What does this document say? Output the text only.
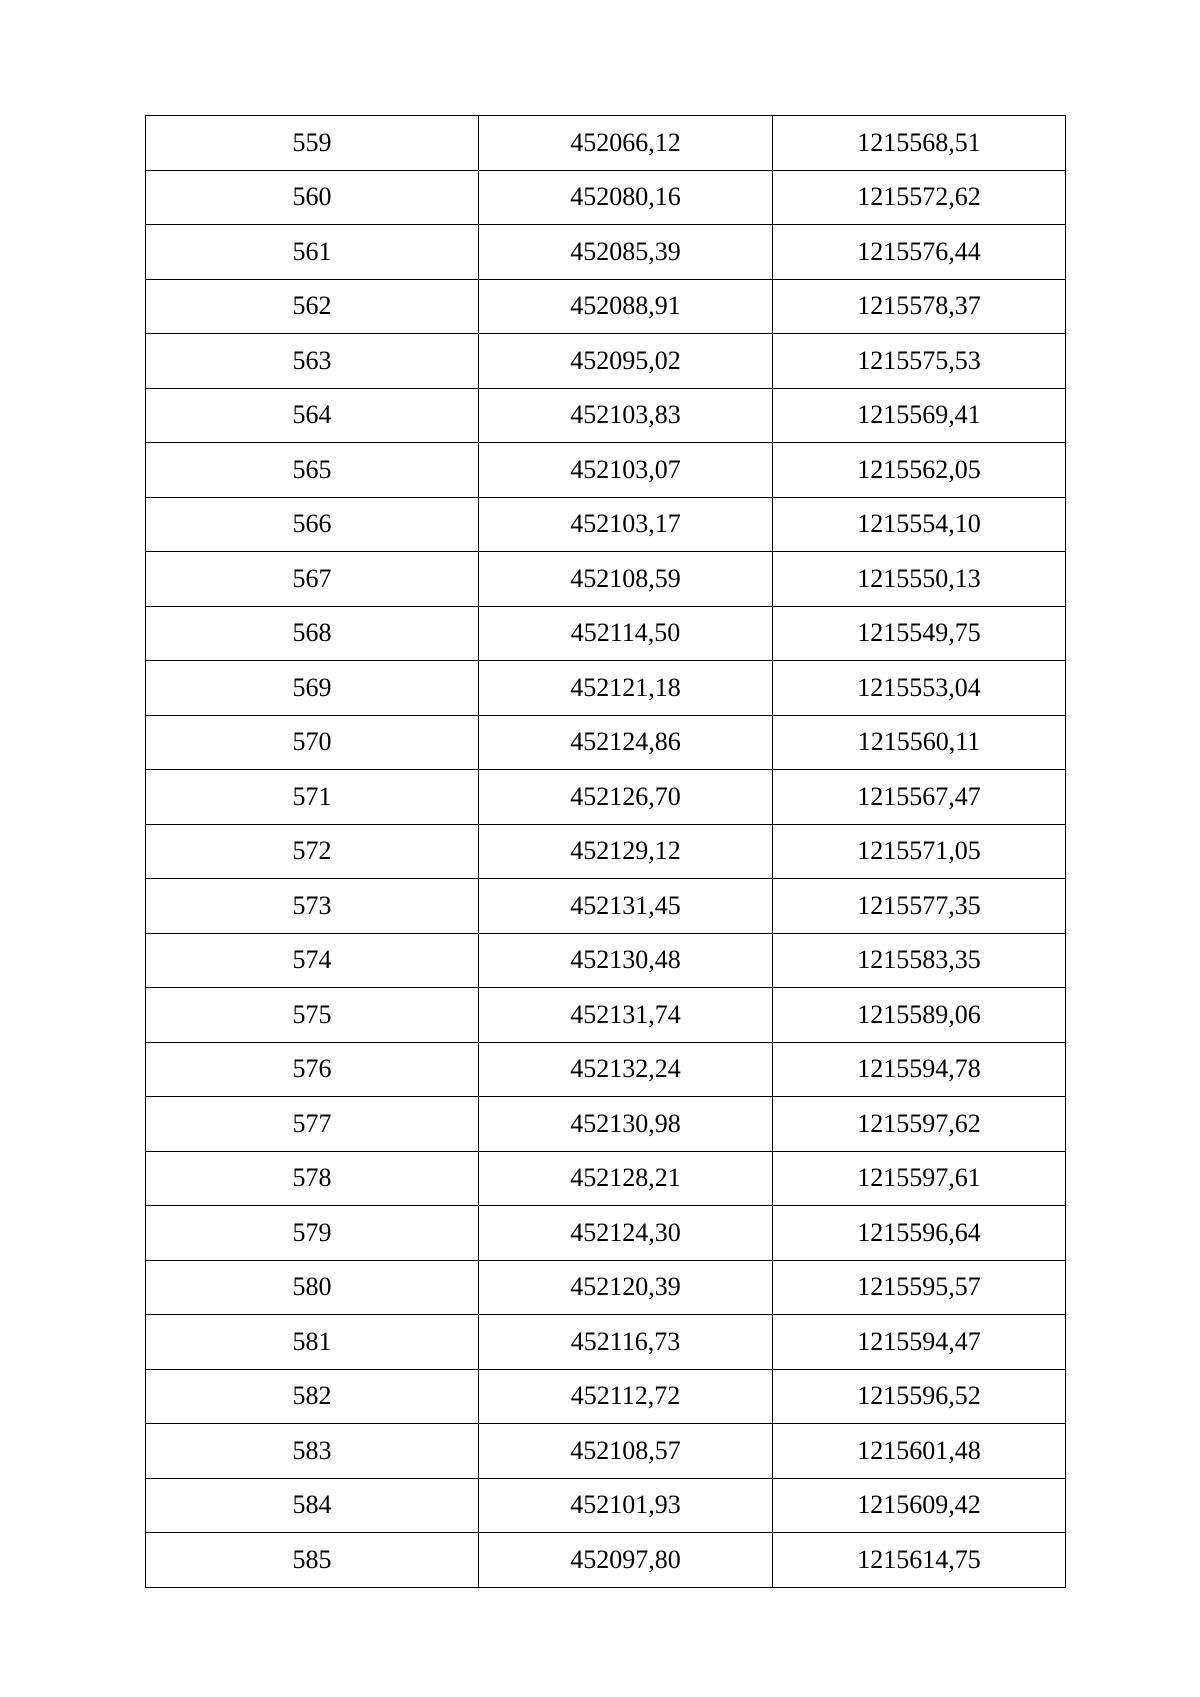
559	452066,12	1215568,51
560	452080,16	1215572,62
561	452085,39	1215576,44
562	452088,91	1215578,37
563	452095,02	1215575,53
564	452103,83	1215569,41
565	452103,07	1215562,05
566	452103,17	1215554,10
567	452108,59	1215550,13
568	452114,50	1215549,75
569	452121,18	1215553,04
570	452124,86	1215560,11
571	452126,70	1215567,47
572	452129,12	1215571,05
573	452131,45	1215577,35
574	452130,48	1215583,35
575	452131,74	1215589,06
576	452132,24	1215594,78
577	452130,98	1215597,62
578	452128,21	1215597,61
579	452124,30	1215596,64
580	452120,39	1215595,57
581	452116,73	1215594,47
582	452112,72	1215596,52
583	452108,57	1215601,48
584	452101,93	1215609,42
585	452097,80	1215614,75
